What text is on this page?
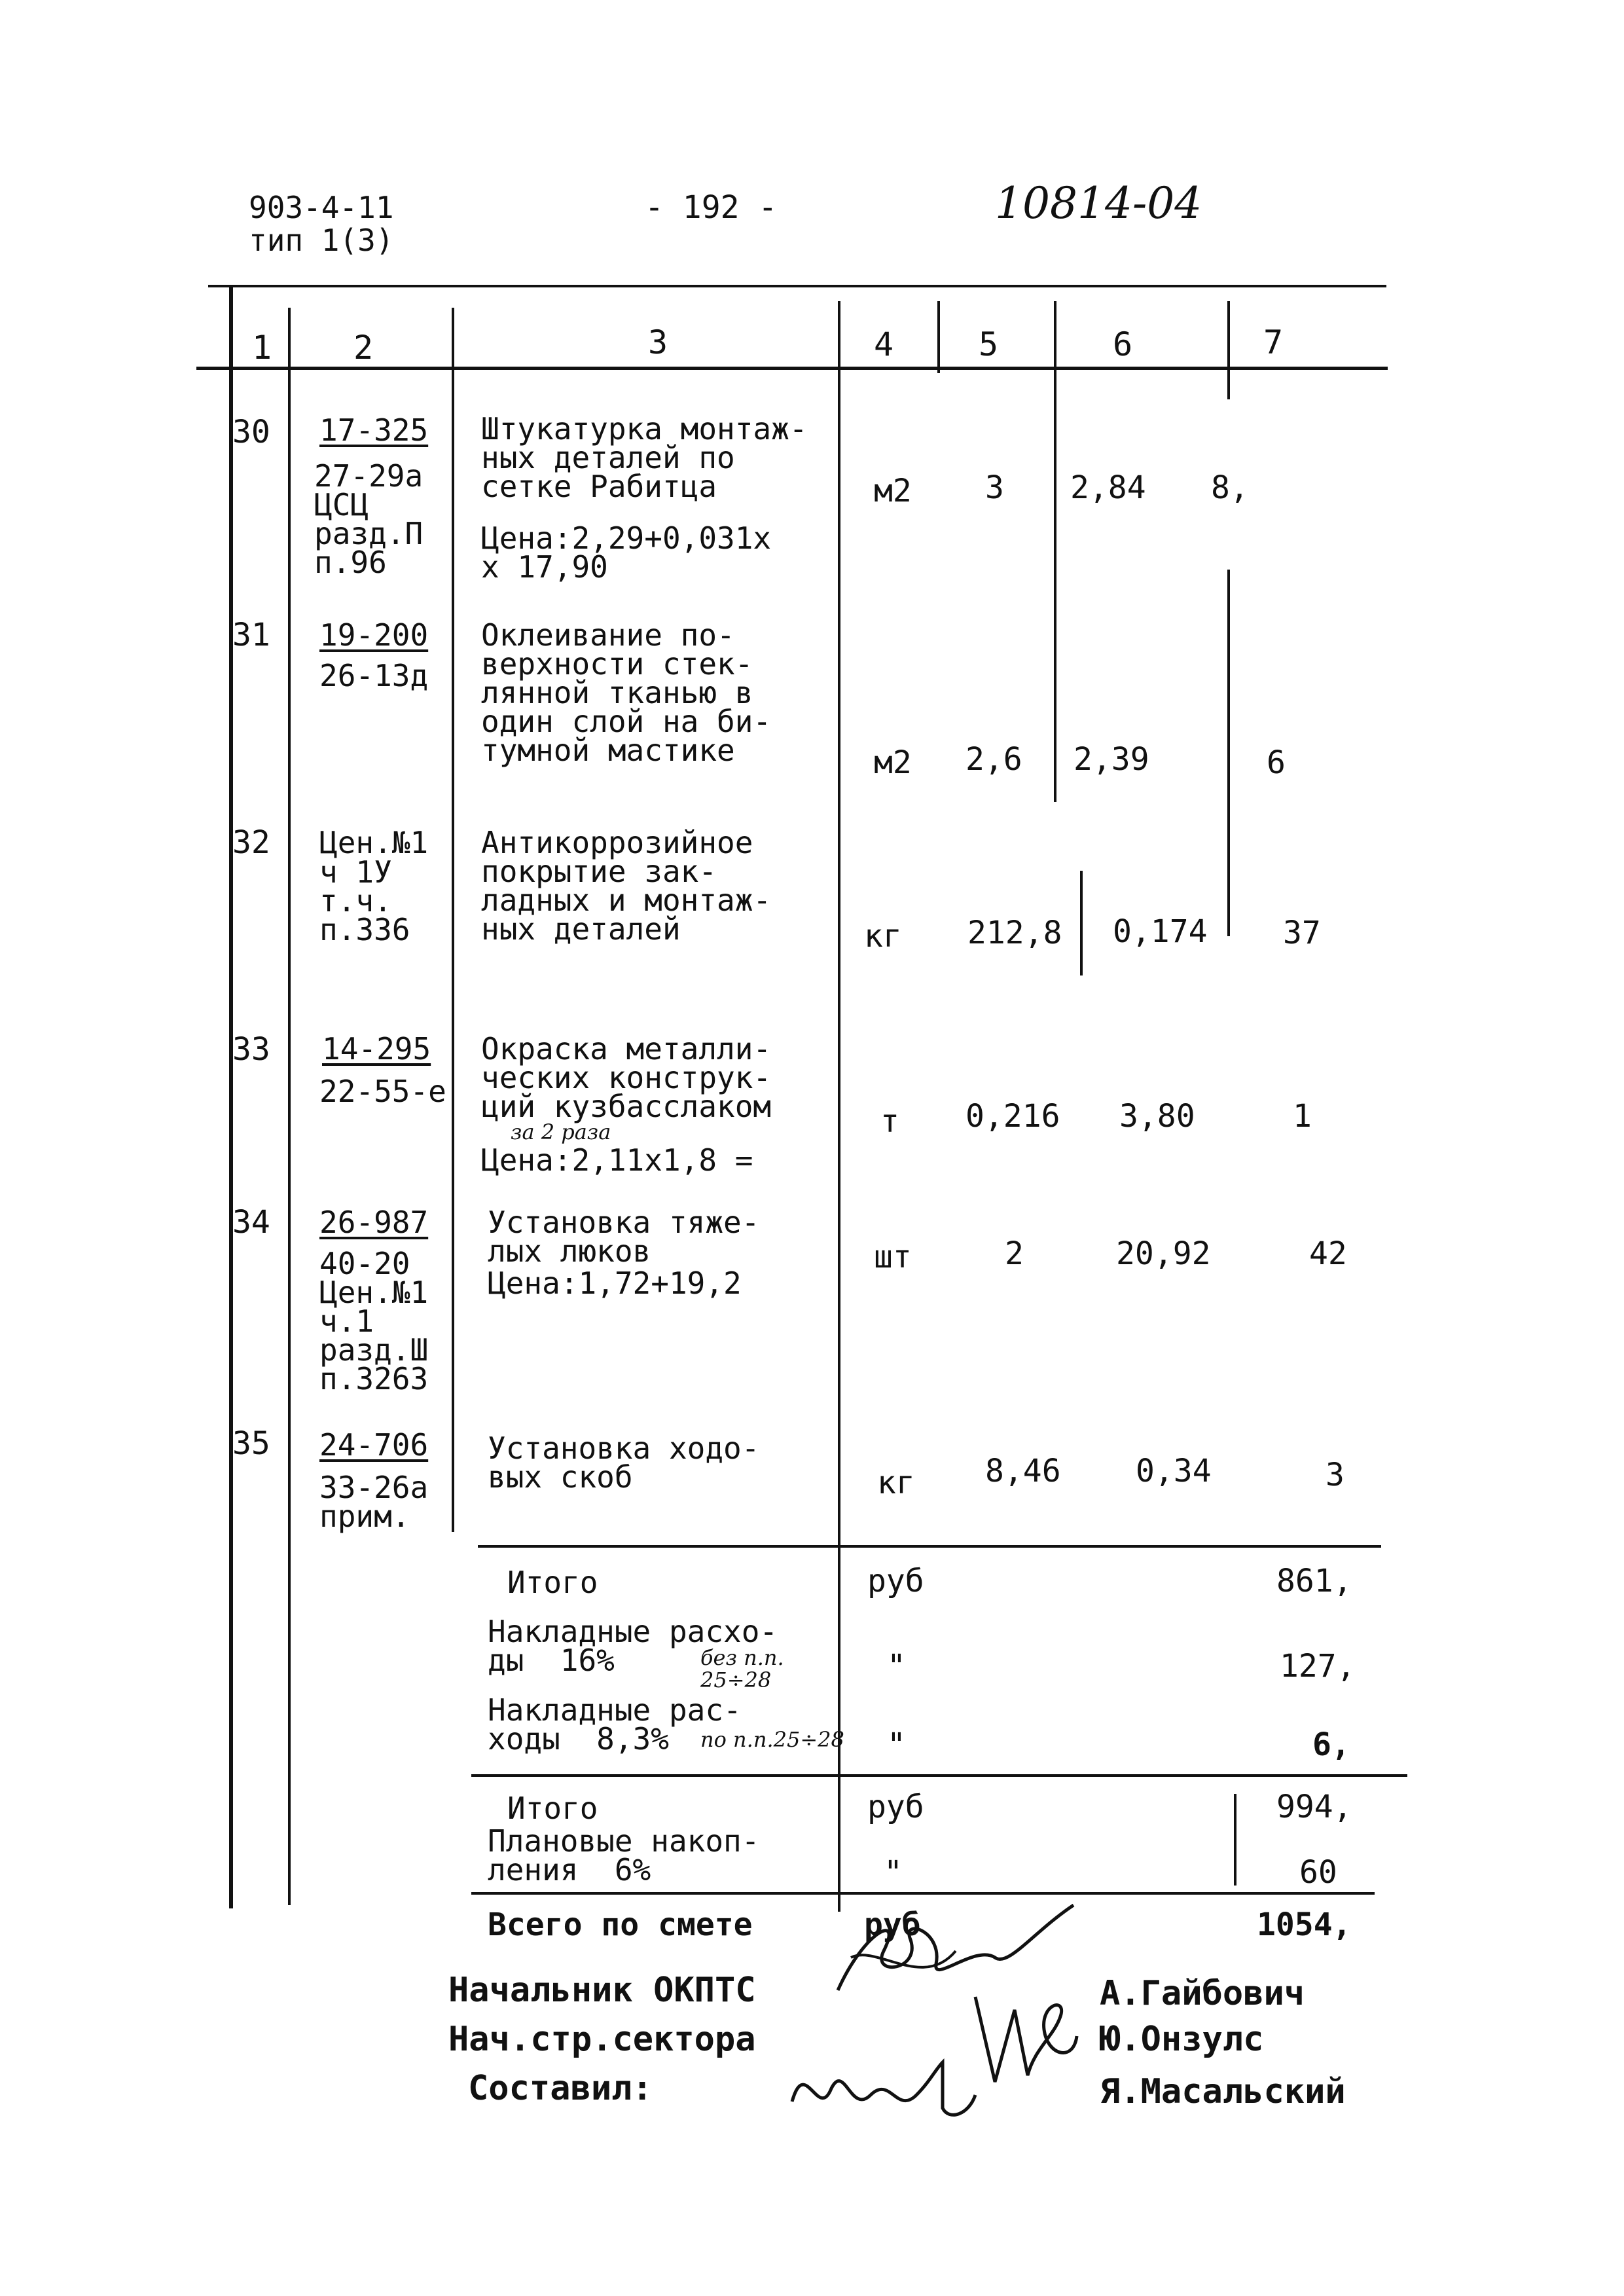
903-4-11
тип 1(3)
- 192 -	10814-04
1 2	3	4	5	6	7
30 17-325
27-29а
ЦСЦ
разд.П
п.96
Штукатурка монтаж-
ных деталей по
сетке Рабитца
Цена:2,29+0,031х
х 17,90
м2 3 2,84 8,
31 19-200
26-13д
Оклеивание по-
верхности стек-
лянной тканью в
один слой на би-
тумной мастике	м2 2,6 2,39	6
32 Цен.№1
ч 1У
т.ч.
п.336
Антикоррозийное
покрытие зак-
ладных и монтаж-
ных деталей	кг 212,8 0,174 37
33 14-295
22-55-е
Окраска металли-
ческих конструк-
ций кузбасслаком
за 2 раза
Цена:2,11х1,8 =
т 0,216 3,80	1
34 26-987
40-20
Цен.№1
ч.1
разд.Ш
п.3263
Установка тяже-
лых люков
Цена:1,72+19,2
шт	2	20,92	42
35 24-706
33-26а
прим.
Установка ходо-
вых скоб	кг 8,46 0,34	3
Итого	руб	861,
Накладные расхо-
ды  16%	без п.п.
25÷28	"	127,
Накладные рас-
ходы  8,3%	по п.п.25÷28 "	6,
Итого	руб	994,
Плановые накоп-
ления  6%	"	60
Всего по смете	руб	1054,
Начальник ОКПТС	А.Гайбович
Нач.стр.сектора	Ю.Онзулс
Составил:	Я.Масальский
